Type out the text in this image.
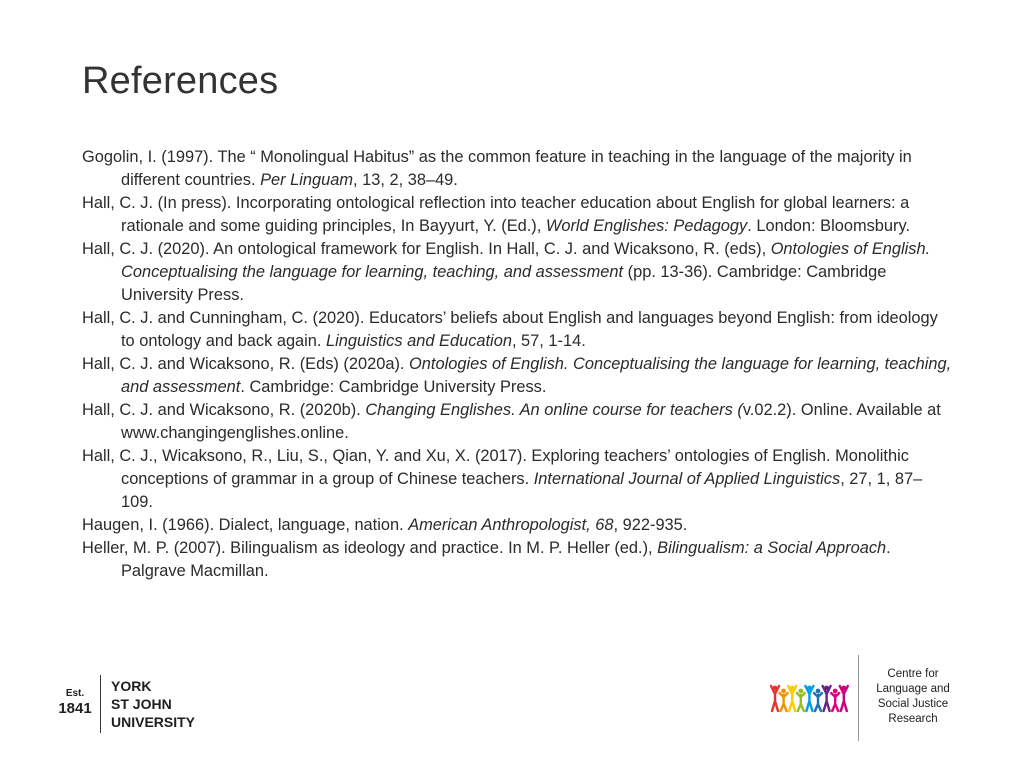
References

Gogolin, I. (1997). The “ Monolingual Habitus” as the common feature in teaching in the language of the majority in different countries. Per Linguam, 13, 2, 38–49.

Hall, C. J. (In press). Incorporating ontological reflection into teacher education about English for global learners: a rationale and some guiding principles, In Bayyurt, Y. (Ed.), World Englishes: Pedagogy. London: Bloomsbury.

Hall, C. J. (2020). An ontological framework for English. In Hall, C. J. and Wicaksono, R. (eds), Ontologies of English. Conceptualising the language for learning, teaching, and assessment (pp. 13-36). Cambridge: Cambridge University Press.

Hall, C. J. and Cunningham, C. (2020). Educators’ beliefs about English and languages beyond English: from ideology to ontology and back again. Linguistics and Education, 57, 1-14.

Hall, C. J. and Wicaksono, R. (Eds) (2020a). Ontologies of English. Conceptualising the language for learning, teaching, and assessment. Cambridge: Cambridge University Press.

Hall, C. J. and Wicaksono, R. (2020b). Changing Englishes. An online course for teachers (v.02.2). Online. Available at www.changingenglishes.online.

Hall, C. J., Wicaksono, R., Liu, S., Qian, Y. and Xu, X. (2017). Exploring teachers’ ontologies of English. Monolithic conceptions of grammar in a group of Chinese teachers. International Journal of Applied Linguistics, 27, 1, 87–109.

Haugen, I. (1966). Dialect, language, nation. American Anthropologist, 68, 922-935.

Heller, M. P. (2007). Bilingualism as ideology and practice. In M. P. Heller (ed.), Bilingualism: a Social Approach. Palgrave Macmillan.

Est.
1841
YORK
ST JOHN
UNIVERSITY
Centre for
Language and
Social Justice
Research
